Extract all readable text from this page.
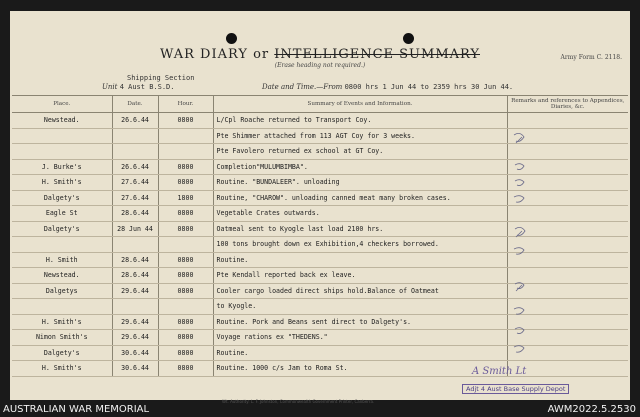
WAR DIARY or INTELLIGENCE SUMMARY
(Erase heading not required.)
Army Form C. 2118.
Shipping Section
Unit 4 Aust B.S.D.	Date and Time.—From 0800 hrs 1 Jun 44 to 2359 hrs 30 Jun 44.
Place.	Date.	Hour.	Summary of Events and Information.	Remarks and references to Appendices, Diaries, &c.
Newstead.	26.6.44	0800	L/Cpl Roache returned to Transport Coy.	
			Pte Shimmer attached from 113 AGT Coy for 3 weeks.	
			Pte Favolero returned ex school at GT Coy.	
J. Burke's	26.6.44	0800	Completion"MULUMBIMBA".	
H. Smith's	27.6.44	0800	Routine. "BUNDALEER". unloading	
Dalgety's	27.6.44	1800	Routine, "CHAROW". unloading canned meat many broken cases.	
Eagle St	28.6.44	0800	Vegetable Crates outwards.	
Dalgety's	28 Jun 44	0800	Oatmeal sent to Kyogle last load 2100 hrs.	
			100 tons brought down ex Exhibition,4 checkers borrowed.	
H. Smith	28.6.44	0800	Routine.	
Newstead.	28.6.44	0800	Pte Kendall reported back ex leave.	
Dalgetys	29.6.44	0800	Cooler cargo loaded direct ships hold.Balance of Oatmeat	
			to Kyogle.	
H. Smith's	29.6.44	0800	Routine. Pork and Beans sent direct to Dalgety's.	
Nimon Smith's	29.6.44	0800	Voyage rations ex "THEDENS."	
Dalgety's	30.6.44	0800	Routine.	
H. Smith's	30.6.44	0800	Routine. 1000 c/s Jam to Roma St.		A Smith Lt
Adjt 4 Aust Base Supply Depot
Wt. Authority: L. F. Johnston, Commonwealth Government Printer, Canberra.
AUSTRALIAN WAR MEMORIAL	AWM2022.5.2530
